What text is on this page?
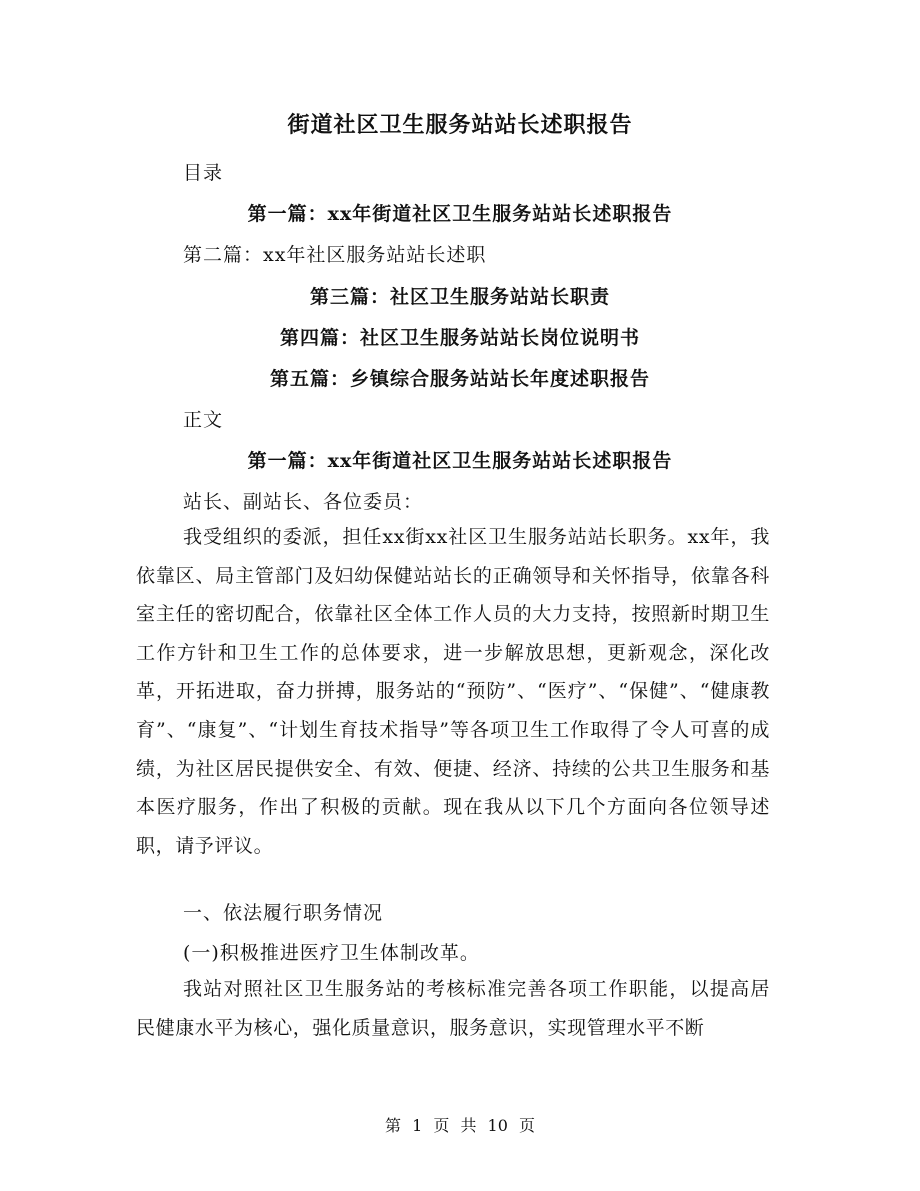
街道社区卫生服务站站长述职报告
目录
第一篇：xx年街道社区卫生服务站站长述职报告
第二篇：xx年社区服务站站长述职
第三篇：社区卫生服务站站长职责
第四篇：社区卫生服务站站长岗位说明书
第五篇：乡镇综合服务站站长年度述职报告
正文
第一篇：xx年街道社区卫生服务站站长述职报告
站长、副站长、各位委员：
我受组织的委派，担任xx街xx社区卫生服务站站长职务。xx年，我依靠区、局主管部门及妇幼保健站站长的正确领导和关怀指导，依靠各科室主任的密切配合，依靠社区全体工作人员的大力支持，按照新时期卫生工作方针和卫生工作的总体要求，进一步解放思想，更新观念，深化改革，开拓进取，奋力拼搏，服务站的“预防”、“医疗”、“保健”、“健康教育”、“康复”、“计划生育技术指导”等各项卫生工作取得了令人可喜的成绩，为社区居民提供安全、有效、便捷、经济、持续的公共卫生服务和基本医疗服务，作出了积极的贡献。现在我从以下几个方面向各位领导述职，请予评议。
一、依法履行职务情况
(一)积极推进医疗卫生体制改革。
我站对照社区卫生服务站的考核标准完善各项工作职能，以提高居民健康水平为核心，强化质量意识，服务意识，实现管理水平不断
第 1 页 共 10 页
